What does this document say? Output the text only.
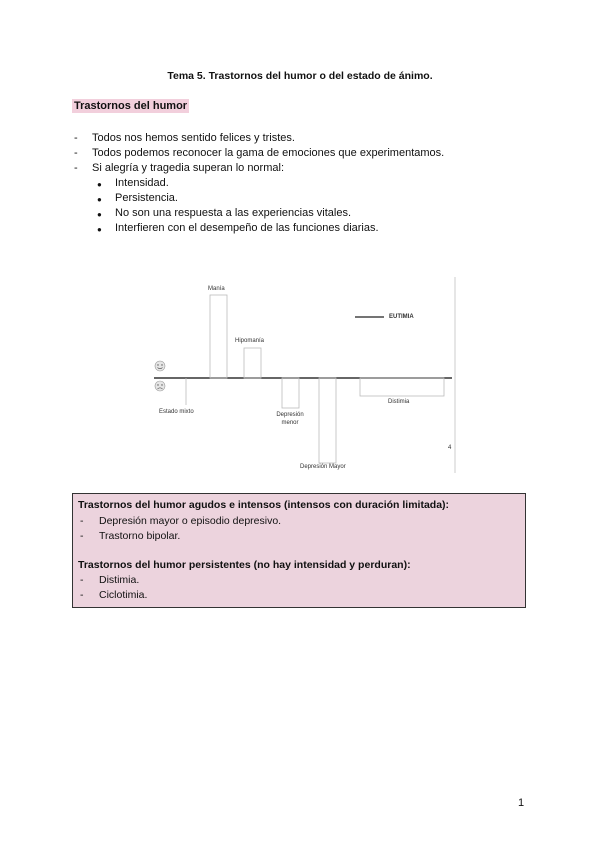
Tema 5. Trastornos del humor o del estado de ánimo.
Trastornos del humor
- Todos nos hemos sentido felices y tristes.
- Todos podemos reconocer la gama de emociones que experimentamos.
- Si alegría y tragedia superan lo normal:
● Intensidad.
● Persistencia.
● No son una respuesta a las experiencias vitales.
● Interfieren con el desempeño de las funciones diarias.
Manía
Hipomanía
EUTIMIA
Estado mixto	Depresión
menor
Depresión Mayor
Distimia
4
Trastornos del humor agudos e intensos (intensos con duración limitada):
- Depresión mayor o episodio depresivo.
- Trastorno bipolar.
Trastornos del humor persistentes (no hay intensidad y perduran):
- Distimia.
- Ciclotimia.
1
